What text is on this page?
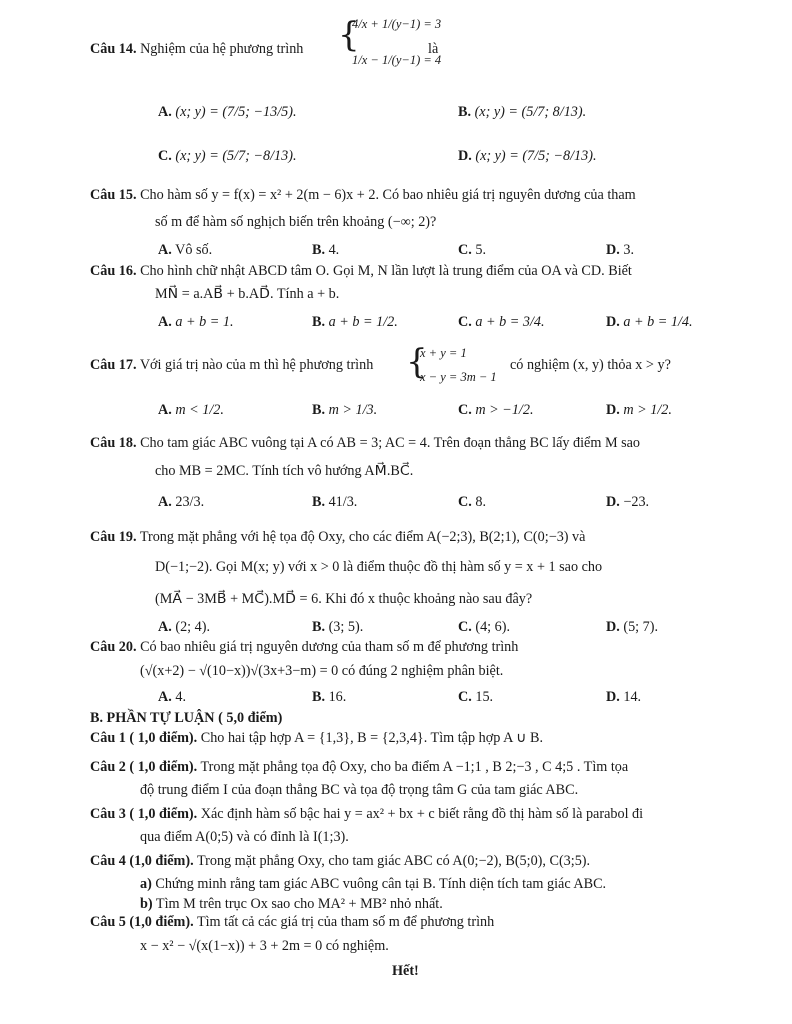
Câu 14. Nghiệm của hệ phương trình {
4/x + 1/(y−1) = 3
1/x − 1/(y−1) = 4
là
A. (x; y) = (7/5; −13/5).	B. (x; y) = (5/7; 8/13).
C. (x; y) = (5/7; −8/13).	D. (x; y) = (7/5; −8/13).
Câu 15. Cho hàm số y = f(x) = x² + 2(m − 6)x + 2. Có bao nhiêu giá trị nguyên dương của tham
số m để hàm số nghịch biến trên khoảng (−∞; 2)?
A. Vô số.	B. 4.	C. 5.	D. 3.
Câu 16. Cho hình chữ nhật ABCD tâm O. Gọi M, N lần lượt là trung điểm của OA và CD. Biết
MN⃗ = a.AB⃗ + b.AD⃗. Tính a + b.
A. a + b = 1.	B. a + b = 1/2.	C. a + b = 3/4.	D. a + b = 1/4.
Câu 17. Với giá trị nào của m thì hệ phương trình {
x + y = 1
x − y = 3m − 1
có nghiệm (x, y) thỏa x > y?
A. m < 1/2.	B. m > 1/3.	C. m > −1/2.	D. m > 1/2.
Câu 18. Cho tam giác ABC vuông tại A có AB = 3; AC = 4. Trên đoạn thẳng BC lấy điểm M sao
cho MB = 2MC. Tính tích vô hướng AM⃗.BC⃗.
A. 23/3.	B. 41/3.	C. 8.	D. −23.
Câu 19. Trong mặt phẳng với hệ tọa độ Oxy, cho các điểm A(−2;3), B(2;1), C(0;−3) và
D(−1;−2). Gọi M(x; y) với x > 0 là điểm thuộc đồ thị hàm số y = x + 1 sao cho
(MA⃗ − 3MB⃗ + MC⃗).MD⃗ = 6. Khi đó x thuộc khoảng nào sau đây?
A. (2; 4).	B. (3; 5).	C. (4; 6).	D. (5; 7).
Câu 20. Có bao nhiêu giá trị nguyên dương của tham số m để phương trình
(√(x+2) − √(10−x))√(3x+3−m) = 0 có đúng 2 nghiệm phân biệt.
A. 4.	B. 16.	C. 15.	D. 14.
B. PHẦN TỰ LUẬN ( 5,0 điểm)
Câu 1 ( 1,0 điểm). Cho hai tập hợp A = {1,3}, B = {2,3,4}. Tìm tập hợp A ∪ B.
Câu 2 ( 1,0 điểm). Trong mặt phẳng tọa độ Oxy, cho ba điểm A −1;1 , B 2;−3 , C 4;5 . Tìm tọa
độ trung điểm I của đoạn thẳng BC và tọa độ trọng tâm G của tam giác ABC.
Câu 3 ( 1,0 điểm). Xác định hàm số bậc hai y = ax² + bx + c biết rằng đồ thị hàm số là parabol đi
qua điểm A(0;5) và có đỉnh là I(1;3).
Câu 4 (1,0 điểm). Trong mặt phẳng Oxy, cho tam giác ABC có A(0;−2), B(5;0), C(3;5).
a) Chứng minh rằng tam giác ABC vuông cân tại B. Tính diện tích tam giác ABC.
b) Tìm M trên trục Ox sao cho MA² + MB² nhỏ nhất.
Câu 5 (1,0 điểm). Tìm tất cả các giá trị của tham số m để phương trình
x − x² − √(x(1−x)) + 3 + 2m = 0 có nghiệm.
Hết!
